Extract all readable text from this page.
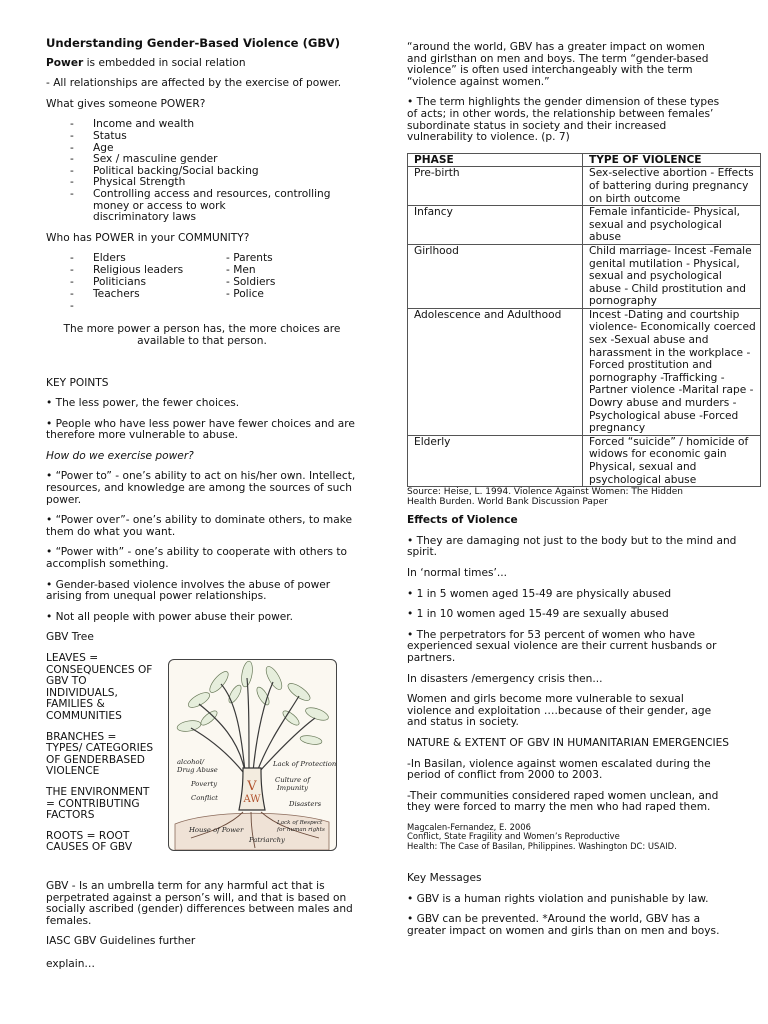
Understanding Gender-Based Violence (GBV)

Power is embedded in social relation

- All relationships are affected by the exercise of power.

What gives someone POWER?

- Income and wealth
- Status
- Age
- Sex / masculine gender
- Political backing/Social backing
- Physical Strength
- Controlling access and resources, controlling money or access to work
discriminatory laws

Who has POWER in your COMMUNITY?

- Elders	- Parents
- Religious leaders	- Men
- Politicians	- Soldiers
- Teachers	- Police
-

The more power a person has, the more choices are available to that person.

KEY POINTS

• The less power, the fewer choices.

• People who have less power have fewer choices and are therefore more vulnerable to abuse.

How do we exercise power?

• “Power to” - one’s ability to act on his/her own. Intellect, resources, and knowledge are among the sources of such power.

• “Power over”- one’s ability to dominate others, to make them do what you want.

• “Power with” - one’s ability to cooperate with others to accomplish something.

• Gender-based violence involves the abuse of power arising from unequal power relationships.

• Not all people with power abuse their power.

GBV Tree

LEAVES = CONSEQUENCES OF GBV TO INDIVIDUALS, FAMILIES & COMMUNITIES

BRANCHES = TYPES/ CATEGORIES OF GENDERBASED VIOLENCE

THE ENVIRONMENT = CONTRIBUTING FACTORS

ROOTS = ROOT CAUSES OF GBV

V
AW
alcohol/
Drug Abuse
Poverty
Conflict
House of Power
Lack of Protection
Culture of
Impunity
Disasters
Patriarchy
Lack of Respect
for human rights

GBV - Is an umbrella term for any harmful act that is perpetrated against a person’s will, and that is based on socially ascribed (gender) differences between males and females.

IASC GBV Guidelines further

explain…

“around the world, GBV has a greater impact on women and girlsthan on men and boys. The term “gender-based violence” is often used interchangeably with the term “violence against women.”

• The term highlights the gender dimension of these types of acts; in other words, the relationship between females’ subordinate status in society and their increased vulnerability to violence. (p. 7)

PHASE	TYPE OF VIOLENCE
Pre-birth	Sex-selective abortion - Effects of battering during pregnancy on birth outcome
Infancy	Female infanticide- Physical, sexual and psychological abuse
Girlhood	Child marriage- Incest -Female genital mutilation - Physical, sexual and psychological abuse - Child prostitution and pornography
Adolescence and Adulthood	Incest -Dating and courtship violence- Economically coerced sex -Sexual abuse and harassment in the workplace -Forced prostitution and pornography -Trafficking -Partner violence -Marital rape -Dowry abuse and murders -Psychological abuse -Forced pregnancy
Elderly	Forced “suicide” / homicide of widows for economic gain Physical, sexual and psychological abuse

Source: Heise, L. 1994. Violence Against Women: The Hidden Health Burden. World Bank Discussion Paper

Effects of Violence

• They are damaging not just to the body but to the mind and spirit.

In ‘normal times’...

• 1 in 5 women aged 15-49 are physically abused

• 1 in 10 women aged 15-49 are sexually abused

• The perpetrators for 53 percent of women who have experienced sexual violence are their current husbands or partners.

In disasters /emergency crisis then...

Women and girls become more vulnerable to sexual violence and exploitation ….because of their gender, age and status in society.

NATURE & EXTENT OF GBV IN HUMANITARIAN EMERGENCIES

-In Basilan, violence against women escalated during the period of conflict from 2000 to 2003.

-Their communities considered raped women unclean, and they were forced to marry the men who had raped them.

Magcalen-Fernandez, E. 2006
Conflict, State Fragility and Women’s Reproductive
Health: The Case of Basilan, Philippines. Washington DC: USAID.

Key Messages

• GBV is a human rights violation and punishable by law.

• GBV can be prevented. *Around the world, GBV has a greater impact on women and girls than on men and boys.
